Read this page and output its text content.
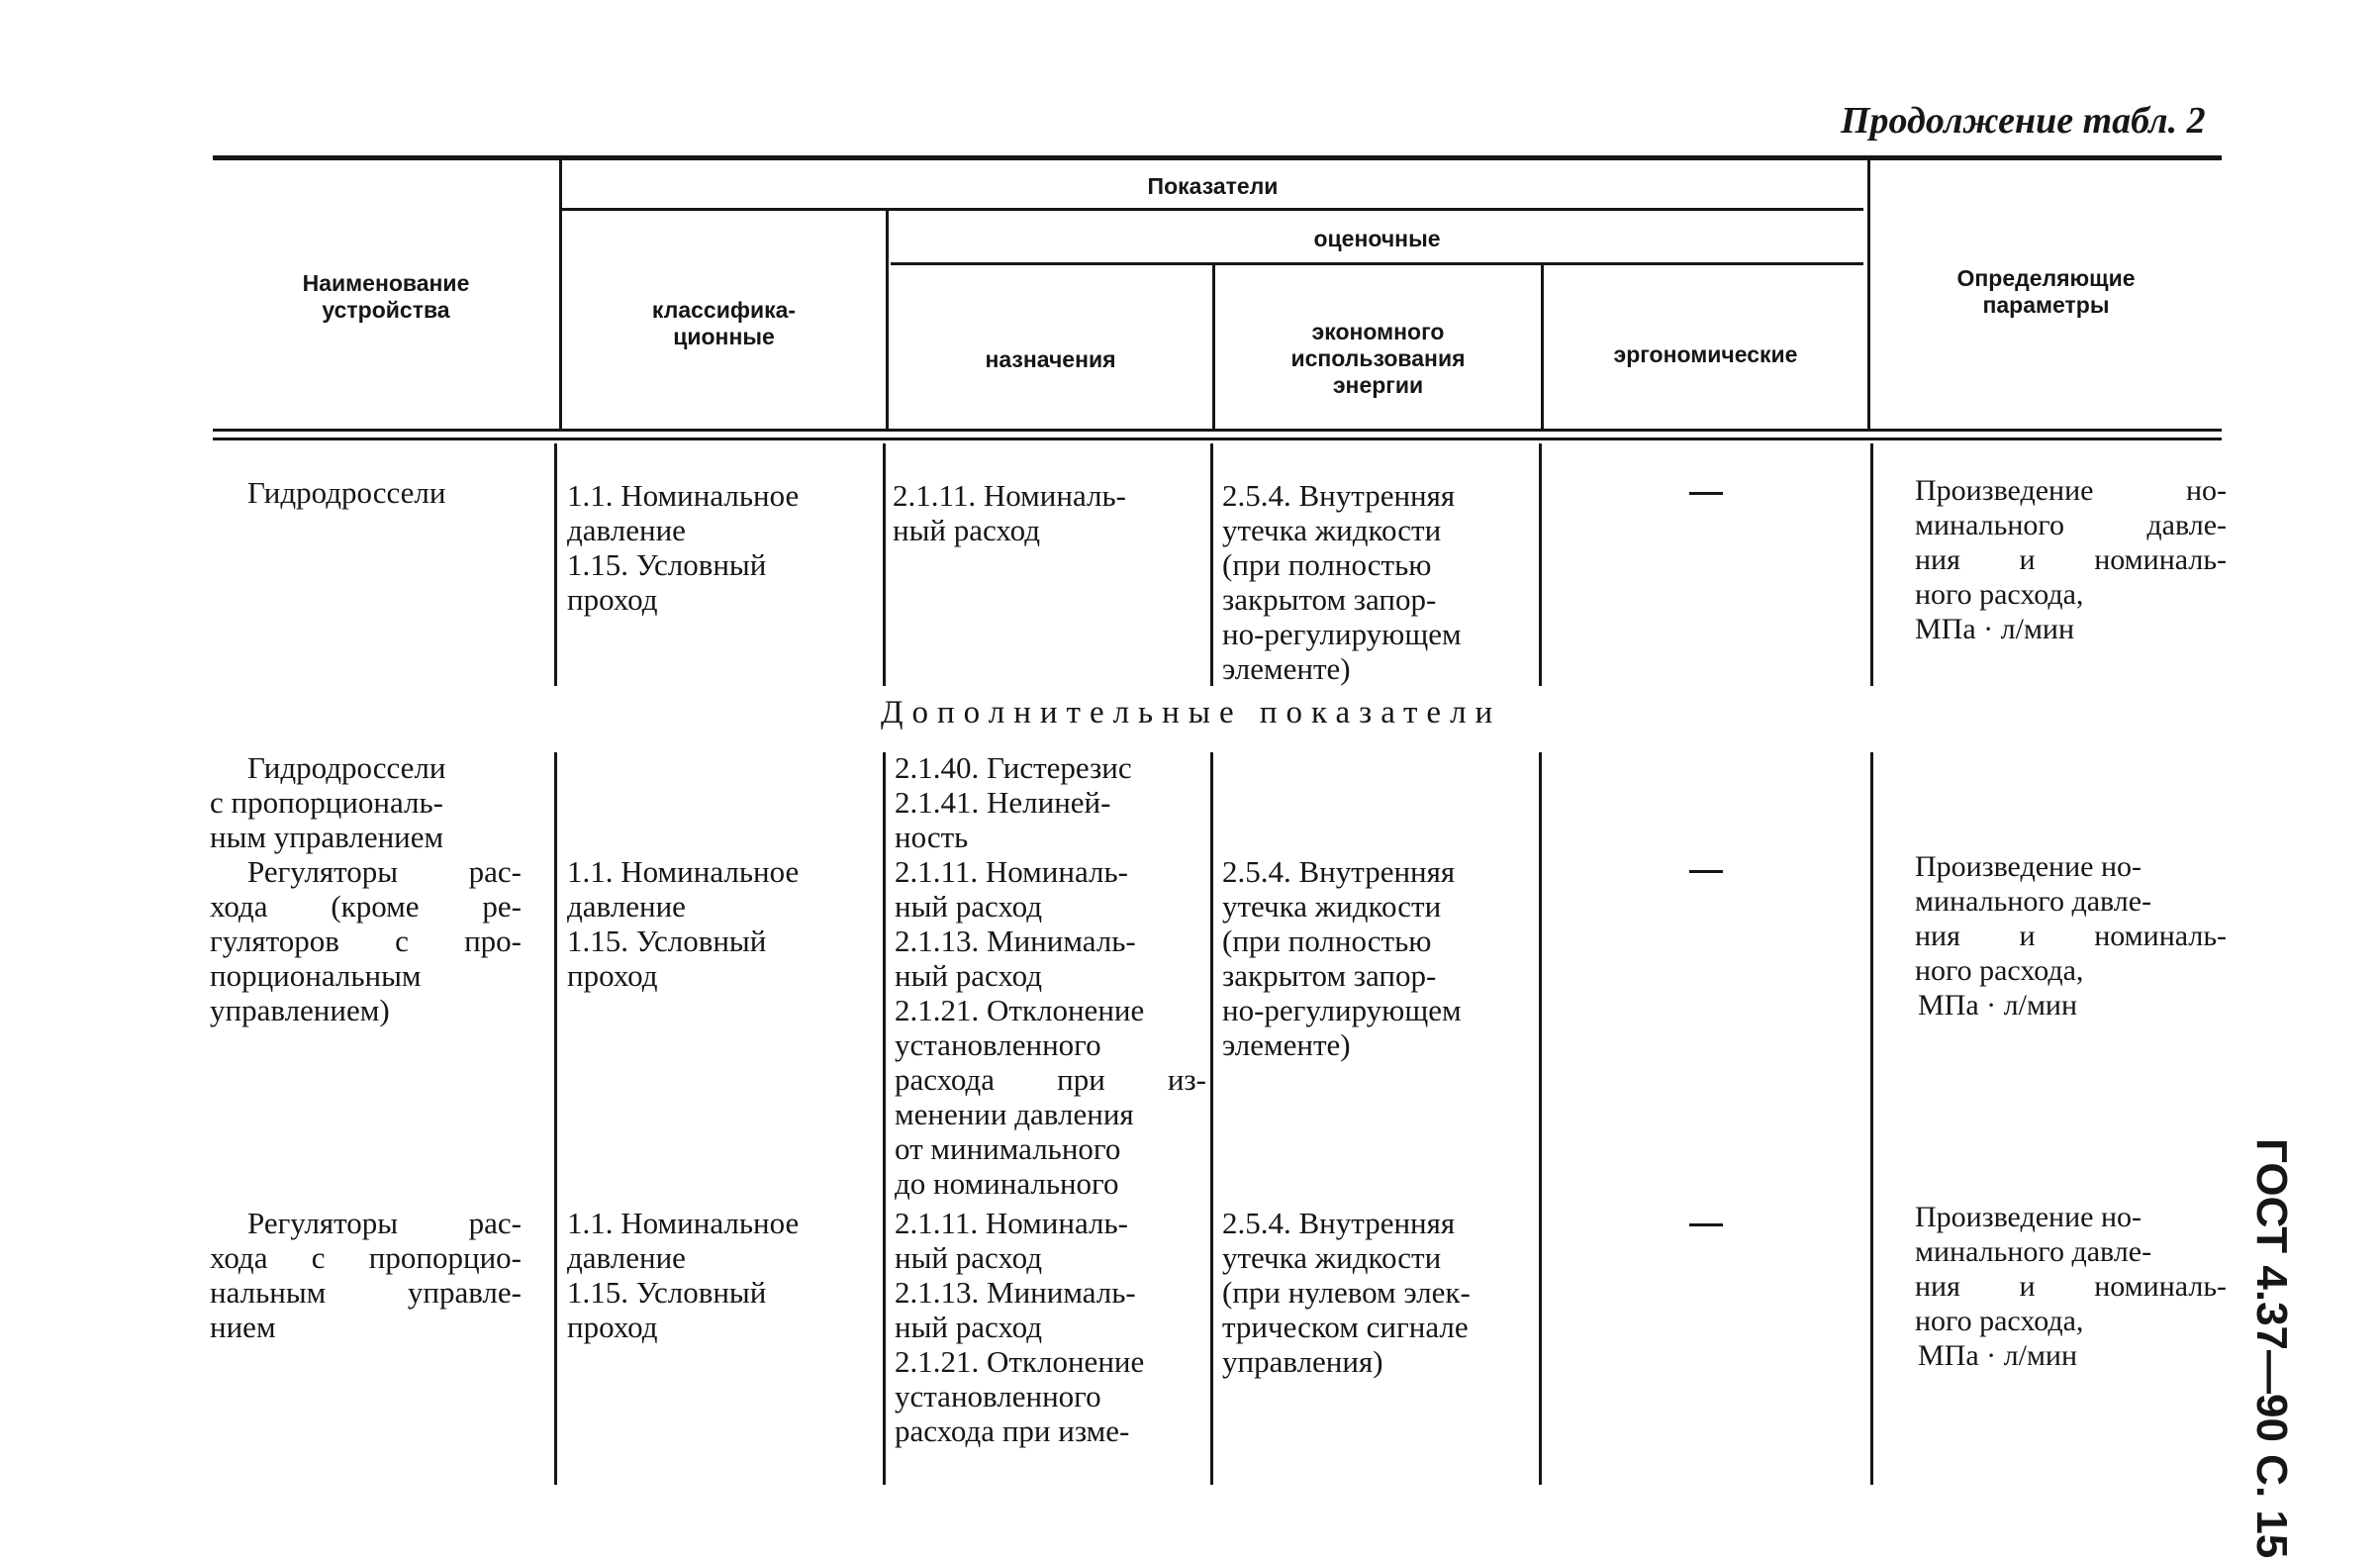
Продолжение табл. 2
Наименование
устройства
Показатели
оценочные
классифика-
ционные
назначения
экономного
использования
энергии
эргономические
Определяющие
параметры
Гидродроссели	1.1. Номинальное
давление
1.15. Условный
проход
2.1.11. Номиналь-
ный расход
2.5.4. Внутренняя
утечка жидкости
(при полностью
закрытом запор-
но-регулирующем
элементе)
Произведение но-
минального давле-
ния и номиналь-
ного расхода,
МПа · л/мин
Дополнительные показатели
Гидродроссели
с пропорциональ-
ным управлением
2.1.40. Гистерезис
2.1.41. Нелиней-
ность
Регуляторы рас-
хода (кроме ре-
гуляторов с про-
порциональным
управлением)
1.1. Номинальное
давление
1.15. Условный
проход
2.1.11. Номиналь-
ный расход
2.1.13. Минималь-
ный расход
2.1.21. Отклонение
установленного
расхода при из-
менении давления
от минимального
до номинального
2.5.4. Внутренняя
утечка жидкости
(при полностью
закрытом запор-
но-регулирующем
элементе)
Произведение но-
минального давле-
ния и номиналь-
ного расхода,
МПа · л/мин
Регуляторы рас-
хода с пропорцио-
нальным управле-
нием
1.1. Номинальное
давление
1.15. Условный
проход
2.1.11. Номиналь-
ный расход
2.1.13. Минималь-
ный расход
2.1.21. Отклонение
установленного
расхода при изме-
2.5.4. Внутренняя
утечка жидкости
(при нулевом элек-
трическом сигнале
управления)
Произведение но-
минального давле-
ния и номиналь-
ного расхода,
МПа · л/мин	ГОСТ 4.37—90 С. 15
